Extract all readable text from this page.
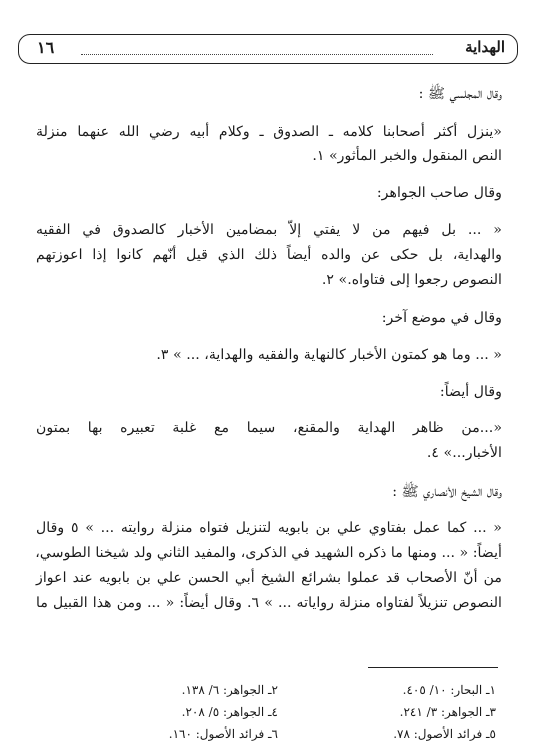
الهداية
١٦
وقال المجلسي ﷺ :
«ينزل أكثر أصحابنا كلامه ـ الصدوق ـ وكلام أبيه رضي الله عنهما منزلة
النص المنقول والخبر المأثور» ١.
وقال صاحب الجواهر:
« ... بل فيهم من لا يفتي إلاّ بمضامين الأخبار كالصدوق في الفقيه
والهداية، بل حكى عن والده أيضاً ذلك الذي قيل أنّهم كانوا إذا اعوزتهم
النصوص رجعوا إلى فتاواه.» ٢.
وقال في موضع آخر:
« ... وما هو كمتون الأخبار كالنهاية والفقيه والهداية، ... » ٣.
وقال أيضاً:
«...من ظاهر الهداية والمقنع، سيما مع غلبة تعبيره بها بمتون
الأخبار...» ٤.
وقال الشيخ الأنصاري ﷺ :
« ... كما عمل بفتاوي علي بن بابويه لتنزيل فتواه منزلة روايته ... » ٥ وقال
أيضاً: « ... ومنها ما ذكره الشهيد في الذكرى، والمفيد الثاني ولد شيخنا الطوسي،
من أنّ الأصحاب قد عملوا بشرائع الشيخ أبي الحسن علي بن بابويه عند اعواز
النصوص تنزيلاً لفتاواه منزلة رواياته ... » ٦. وقال أيضاً: « ... ومن هذا القبيل ما
١ـ البحار: ١٠/ ٤٠٥.
٢ـ الجواهر: ٦/ ١٣٨.
٣ـ الجواهر: ٣/ ٢٤١.
٤ـ الجواهر: ٥/ ٢٠٨.
٥ـ فرائد الأصول: ٧٨.
٦ـ فرائد الأصول: ١٦٠.
